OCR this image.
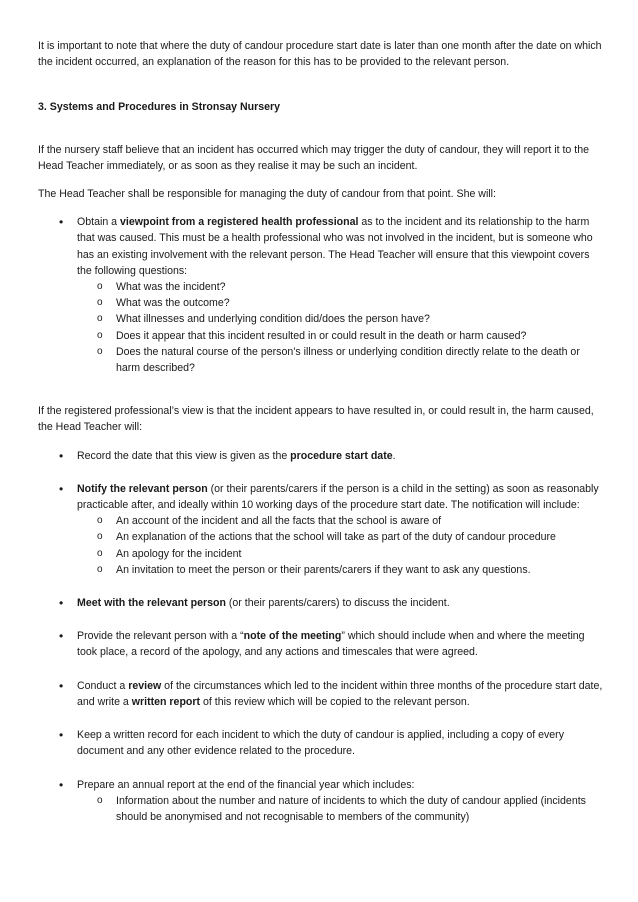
It is important to note that where the duty of candour procedure start date is later than one month after the date on which the incident occurred, an explanation of the reason for this has to be provided to the relevant person.

3. Systems and Procedures in Stronsay Nursery

If the nursery staff believe that an incident has occurred which may trigger the duty of candour, they will report it to the Head Teacher immediately, or as soon as they realise it may be such an incident.

The Head Teacher shall be responsible for managing the duty of candour from that point. She will:

• Obtain a viewpoint from a registered health professional as to the incident and its relationship to the harm that was caused. This must be a health professional who was not involved in the incident, but is someone who has an existing involvement with the relevant person. The Head Teacher will ensure that this viewpoint covers the following questions:
o What was the incident?
o What was the outcome?
o What illnesses and underlying condition did/does the person have?
o Does it appear that this incident resulted in or could result in the death or harm caused?
o Does the natural course of the person’s illness or underlying condition directly relate to the death or harm described?

If the registered professional’s view is that the incident appears to have resulted in, or could result in, the harm caused, the Head Teacher will:

• Record the date that this view is given as the procedure start date.
• Notify the relevant person (or their parents/carers if the person is a child in the setting) as soon as reasonably practicable after, and ideally within 10 working days of the procedure start date. The notification will include:
o An account of the incident and all the facts that the school is aware of
o An explanation of the actions that the school will take as part of the duty of candour procedure
o An apology for the incident
o An invitation to meet the person or their parents/carers if they want to ask any questions.
• Meet with the relevant person (or their parents/carers) to discuss the incident.
• Provide the relevant person with a “note of the meeting” which should include when and where the meeting took place, a record of the apology, and any actions and timescales that were agreed.
• Conduct a review of the circumstances which led to the incident within three months of the procedure start date, and write a written report of this review which will be copied to the relevant person.
• Keep a written record for each incident to which the duty of candour is applied, including a copy of every document and any other evidence related to the procedure.
• Prepare an annual report at the end of the financial year which includes:
o Information about the number and nature of incidents to which the duty of candour applied (incidents should be anonymised and not recognisable to members of the community)
